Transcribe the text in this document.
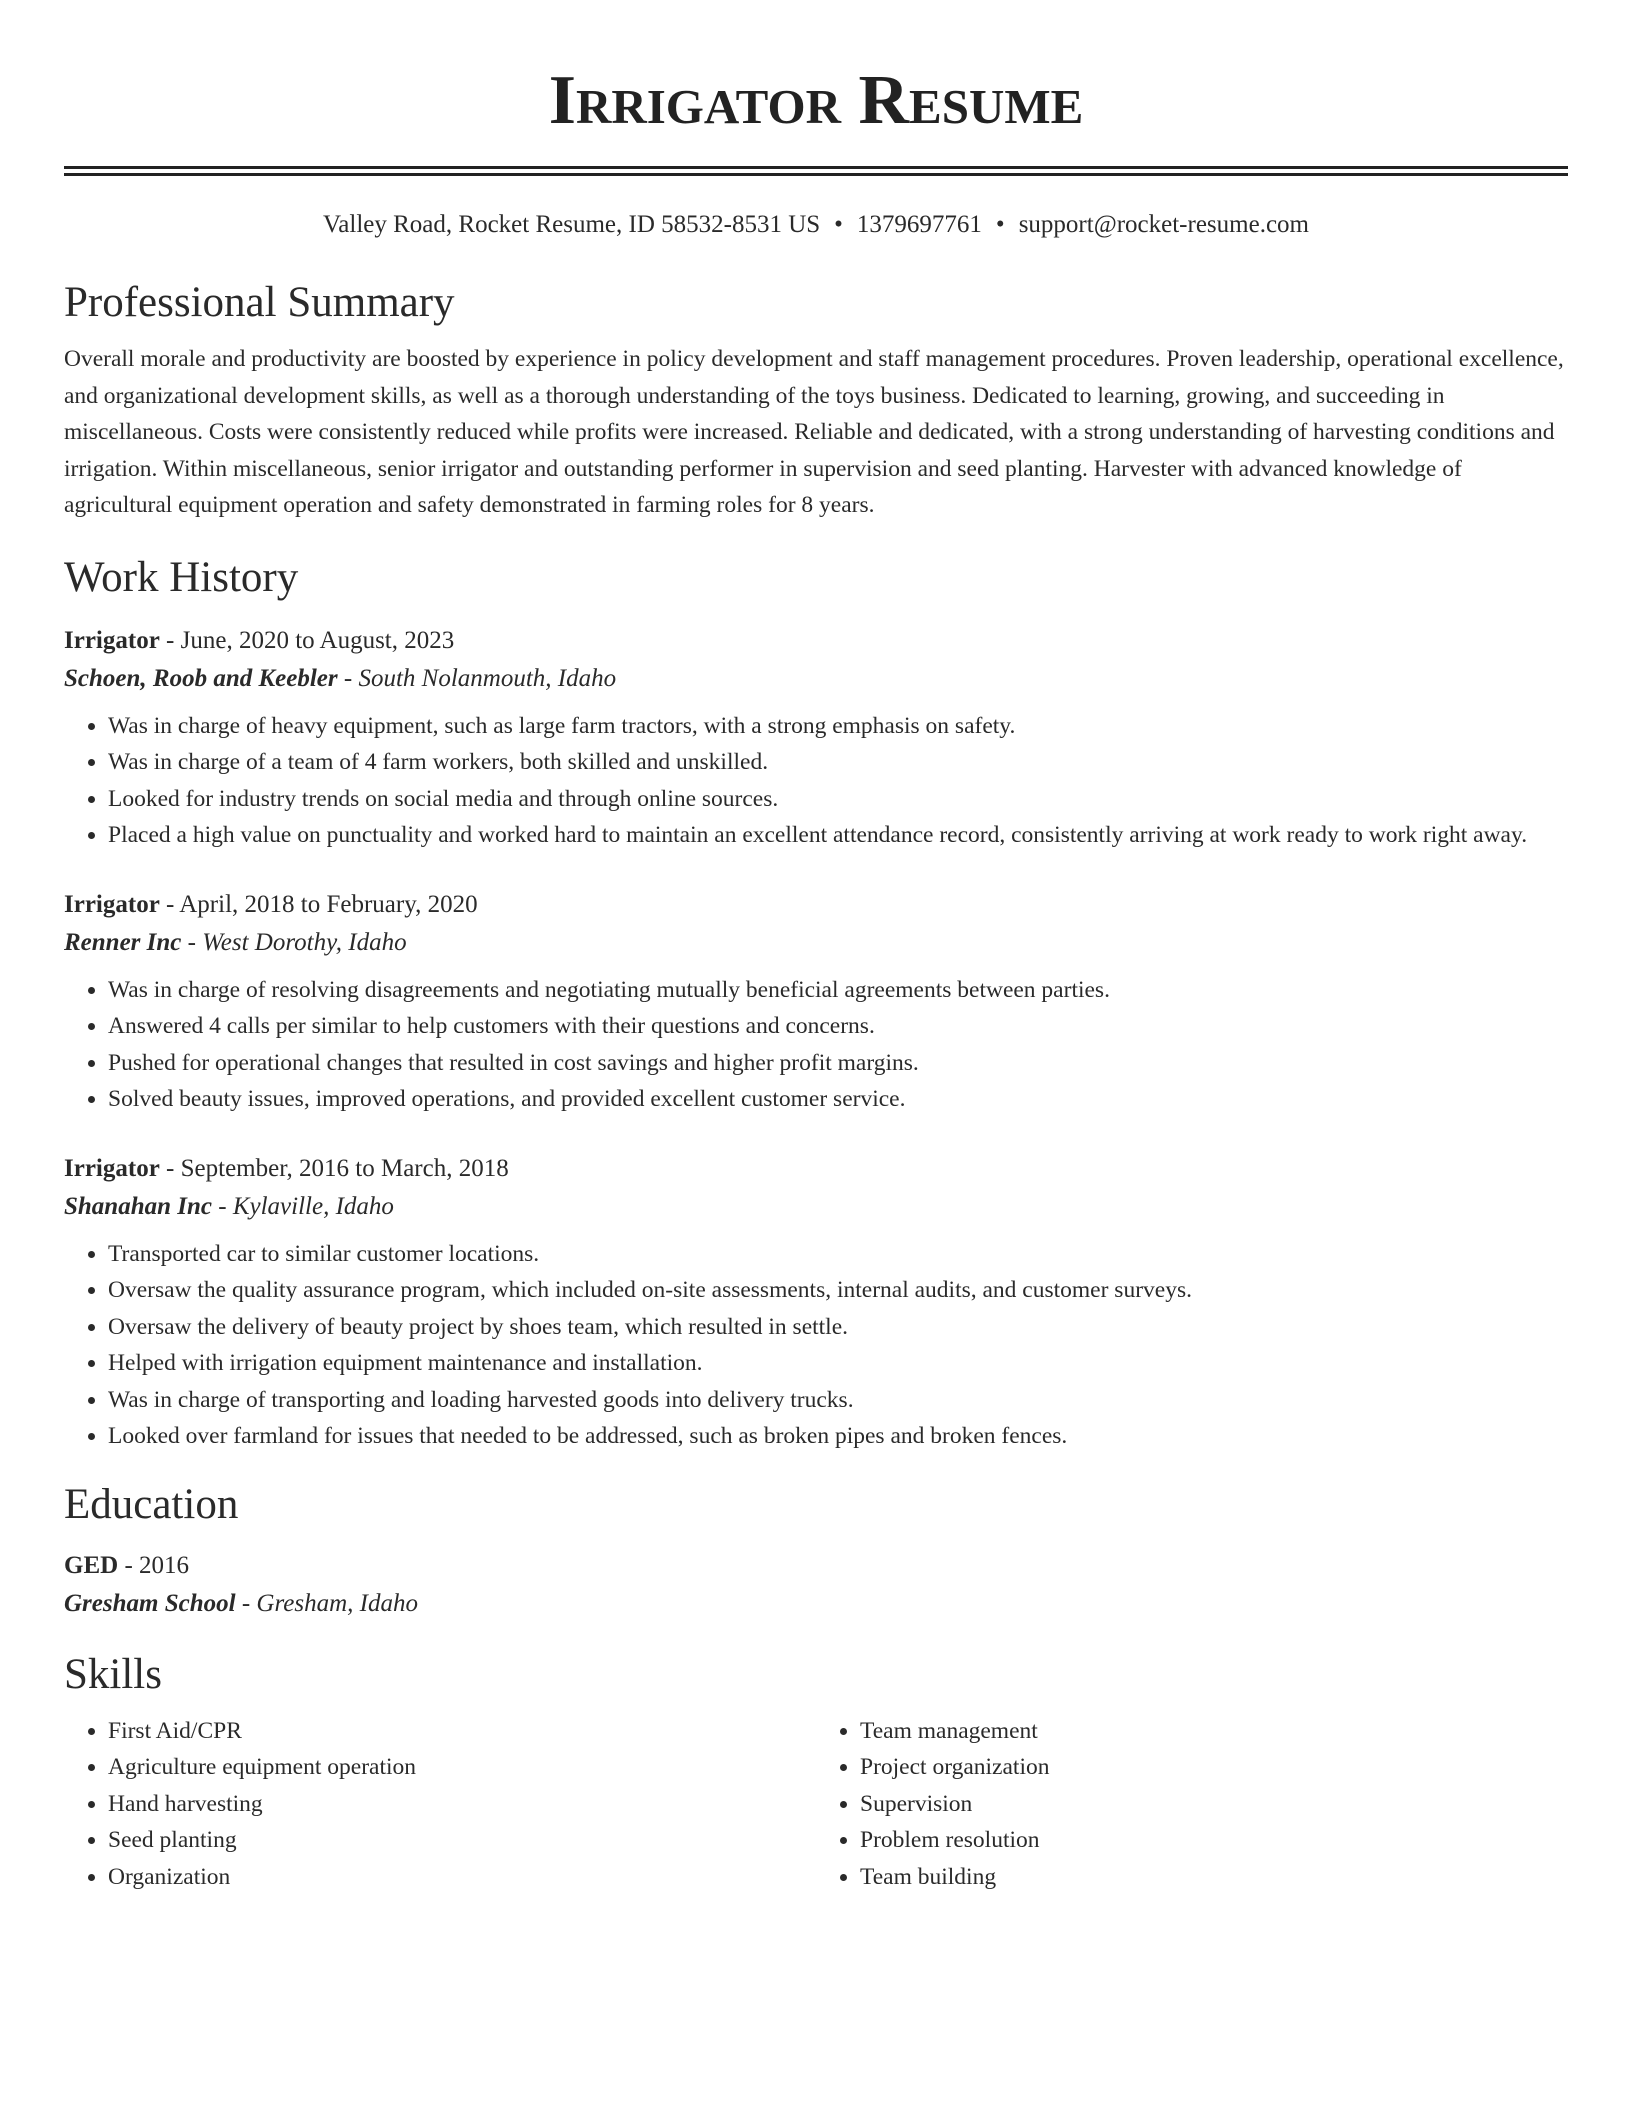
Irrigator Resume
Valley Road, Rocket Resume, ID 58532-8531 US • 1379697761 • support@rocket-resume.com
Professional Summary

Overall morale and productivity are boosted by experience in policy development and staff management procedures. Proven leadership, operational excellence, and organizational development skills, as well as a thorough understanding of the toys business. Dedicated to learning, growing, and succeeding in miscellaneous. Costs were consistently reduced while profits were increased. Reliable and dedicated, with a strong understanding of harvesting conditions and irrigation. Within miscellaneous, senior irrigator and outstanding performer in supervision and seed planting. Harvester with advanced knowledge of agricultural equipment operation and safety demonstrated in farming roles for 8 years.

Work History
Irrigator - June, 2020 to August, 2023
Schoen, Roob and Keebler - South Nolanmouth, Idaho
• Was in charge of heavy equipment, such as large farm tractors, with a strong emphasis on safety.
• Was in charge of a team of 4 farm workers, both skilled and unskilled.
• Looked for industry trends on social media and through online sources.
• Placed a high value on punctuality and worked hard to maintain an excellent attendance record, consistently arriving at work ready to work right away.
Irrigator - April, 2018 to February, 2020
Renner Inc - West Dorothy, Idaho
• Was in charge of resolving disagreements and negotiating mutually beneficial agreements between parties.
• Answered 4 calls per similar to help customers with their questions and concerns.
• Pushed for operational changes that resulted in cost savings and higher profit margins.
• Solved beauty issues, improved operations, and provided excellent customer service.
Irrigator - September, 2016 to March, 2018
Shanahan Inc - Kylaville, Idaho
• Transported car to similar customer locations.
• Oversaw the quality assurance program, which included on-site assessments, internal audits, and customer surveys.
• Oversaw the delivery of beauty project by shoes team, which resulted in settle.
• Helped with irrigation equipment maintenance and installation.
• Was in charge of transporting and loading harvested goods into delivery trucks.
• Looked over farmland for issues that needed to be addressed, such as broken pipes and broken fences.
Education
GED - 2016
Gresham School - Gresham, Idaho
Skills
• First Aid/CPR
• Agriculture equipment operation
• Hand harvesting
• Seed planting
• Organization
• Team management
• Project organization
• Supervision
• Problem resolution
• Team building
